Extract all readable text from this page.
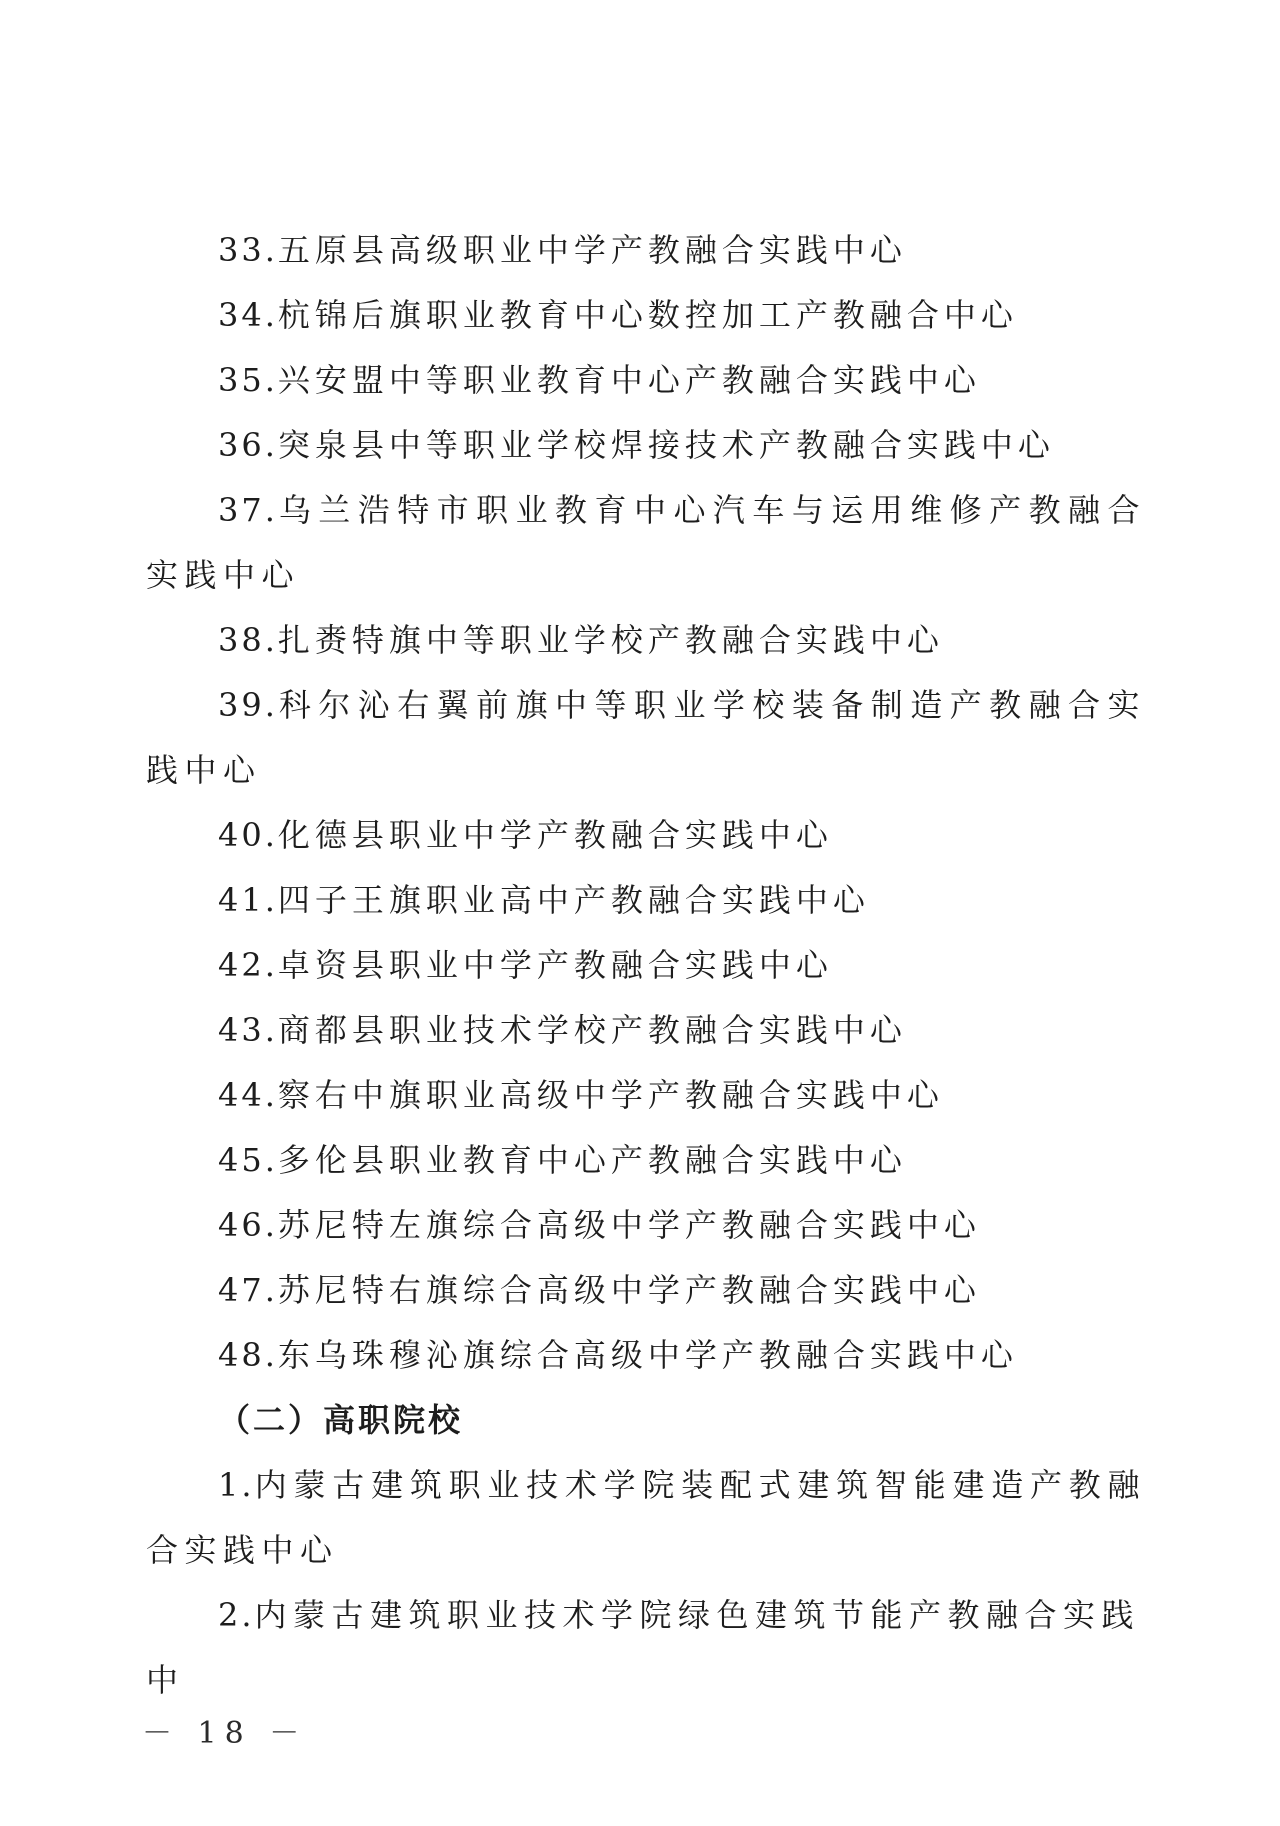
33.五原县高级职业中学产教融合实践中心

34.杭锦后旗职业教育中心数控加工产教融合中心

35.兴安盟中等职业教育中心产教融合实践中心

36.突泉县中等职业学校焊接技术产教融合实践中心

37.乌兰浩特市职业教育中心汽车与运用维修产教融合实践中心

38.扎赉特旗中等职业学校产教融合实践中心

39.科尔沁右翼前旗中等职业学校装备制造产教融合实践中心

40.化德县职业中学产教融合实践中心

41.四子王旗职业高中产教融合实践中心

42.卓资县职业中学产教融合实践中心

43.商都县职业技术学校产教融合实践中心

44.察右中旗职业高级中学产教融合实践中心

45.多伦县职业教育中心产教融合实践中心

46.苏尼特左旗综合高级中学产教融合实践中心

47.苏尼特右旗综合高级中学产教融合实践中心

48.东乌珠穆沁旗综合高级中学产教融合实践中心

（二）高职院校

1.内蒙古建筑职业技术学院装配式建筑智能建造产教融合实践中心

2.内蒙古建筑职业技术学院绿色建筑节能产教融合实践中

－ 18 －
